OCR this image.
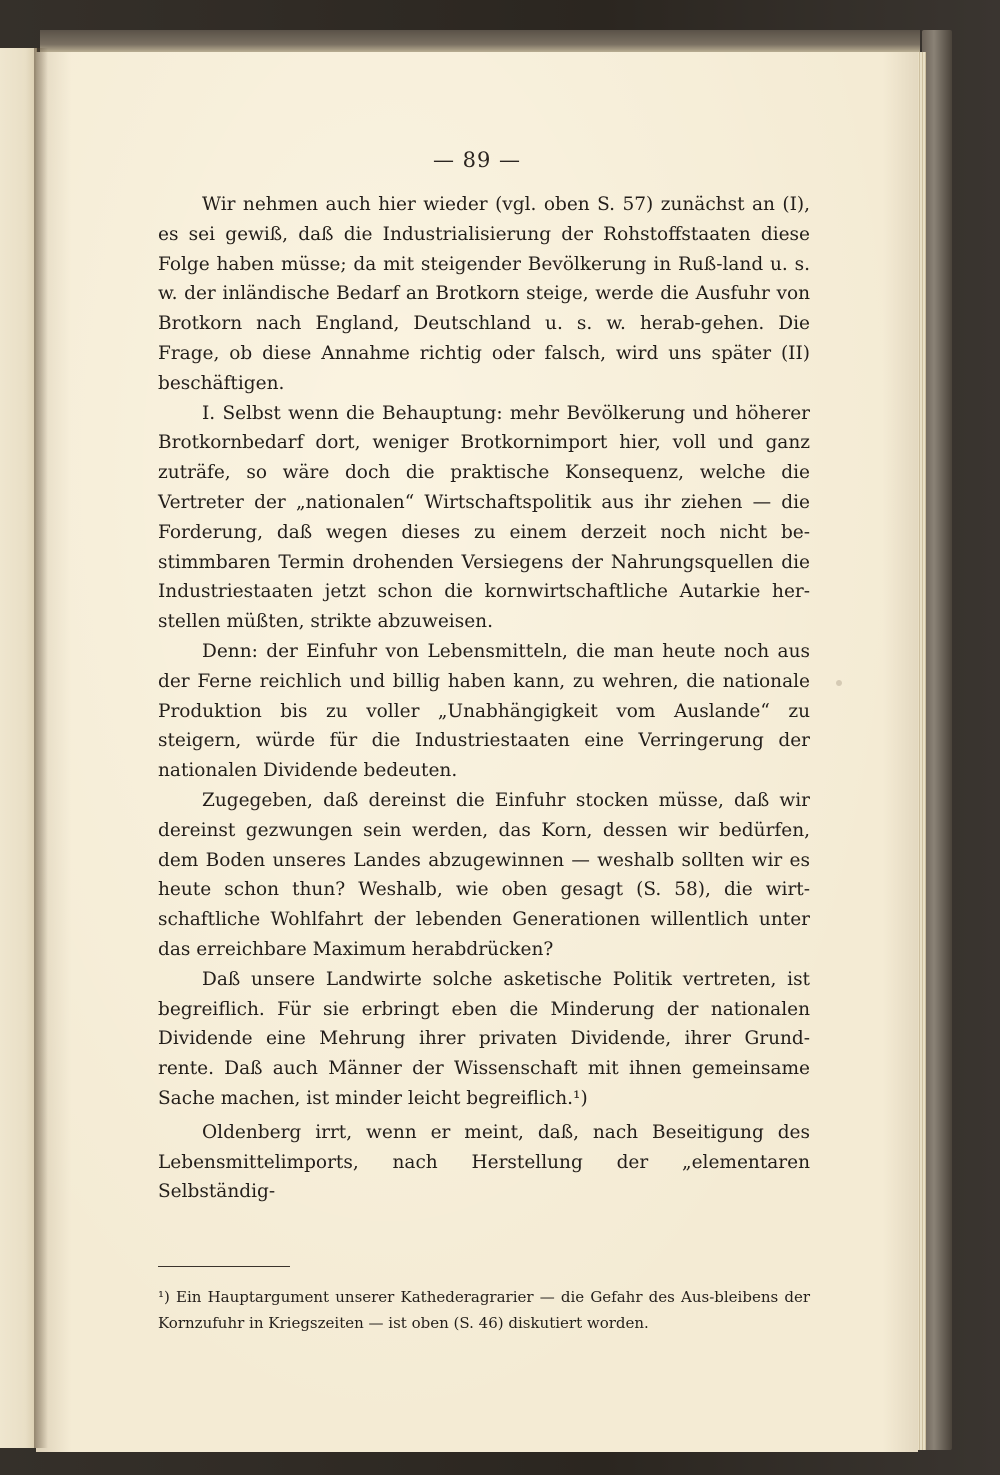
— 89 —

Wir nehmen auch hier wieder (vgl. oben S. 57) zunächst an (I), es sei gewiß, daß die Industrialisierung der Rohstoffstaaten diese Folge haben müsse; da mit steigender Bevölkerung in Ruß-land u. s. w. der inländische Bedarf an Brotkorn steige, werde die Ausfuhr von Brotkorn nach England, Deutschland u. s. w. herab-gehen. Die Frage, ob diese Annahme richtig oder falsch, wird uns später (II) beschäftigen.

I. Selbst wenn die Behauptung: mehr Bevölkerung und höherer Brotkornbedarf dort, weniger Brotkornimport hier, voll und ganz zuträfe, so wäre doch die praktische Konsequenz, welche die Vertreter der „nationalen“ Wirtschaftspolitik aus ihr ziehen — die Forderung, daß wegen dieses zu einem derzeit noch nicht be-stimmbaren Termin drohenden Versiegens der Nahrungsquellen die Industriestaaten jetzt schon die kornwirtschaftliche Autarkie her-stellen müßten, strikte abzuweisen.

Denn: der Einfuhr von Lebensmitteln, die man heute noch aus der Ferne reichlich und billig haben kann, zu wehren, die nationale Produktion bis zu voller „Unabhängigkeit vom Auslande“ zu steigern, würde für die Industriestaaten eine Verringerung der nationalen Dividende bedeuten.

Zugegeben, daß dereinst die Einfuhr stocken müsse, daß wir dereinst gezwungen sein werden, das Korn, dessen wir bedürfen, dem Boden unseres Landes abzugewinnen — weshalb sollten wir es heute schon thun? Weshalb, wie oben gesagt (S. 58), die wirt-schaftliche Wohlfahrt der lebenden Generationen willentlich unter das erreichbare Maximum herabdrücken?

Daß unsere Landwirte solche asketische Politik vertreten, ist begreiflich. Für sie erbringt eben die Minderung der nationalen Dividende eine Mehrung ihrer privaten Dividende, ihrer Grund-rente. Daß auch Männer der Wissenschaft mit ihnen gemeinsame Sache machen, ist minder leicht begreiflich.¹)

Oldenberg irrt, wenn er meint, daß, nach Beseitigung des Lebensmittelimports, nach Herstellung der „elementaren Selbständig-

¹) Ein Hauptargument unserer Kathederagrarier — die Gefahr des Aus-bleibens der Kornzufuhr in Kriegszeiten — ist oben (S. 46) diskutiert worden.
